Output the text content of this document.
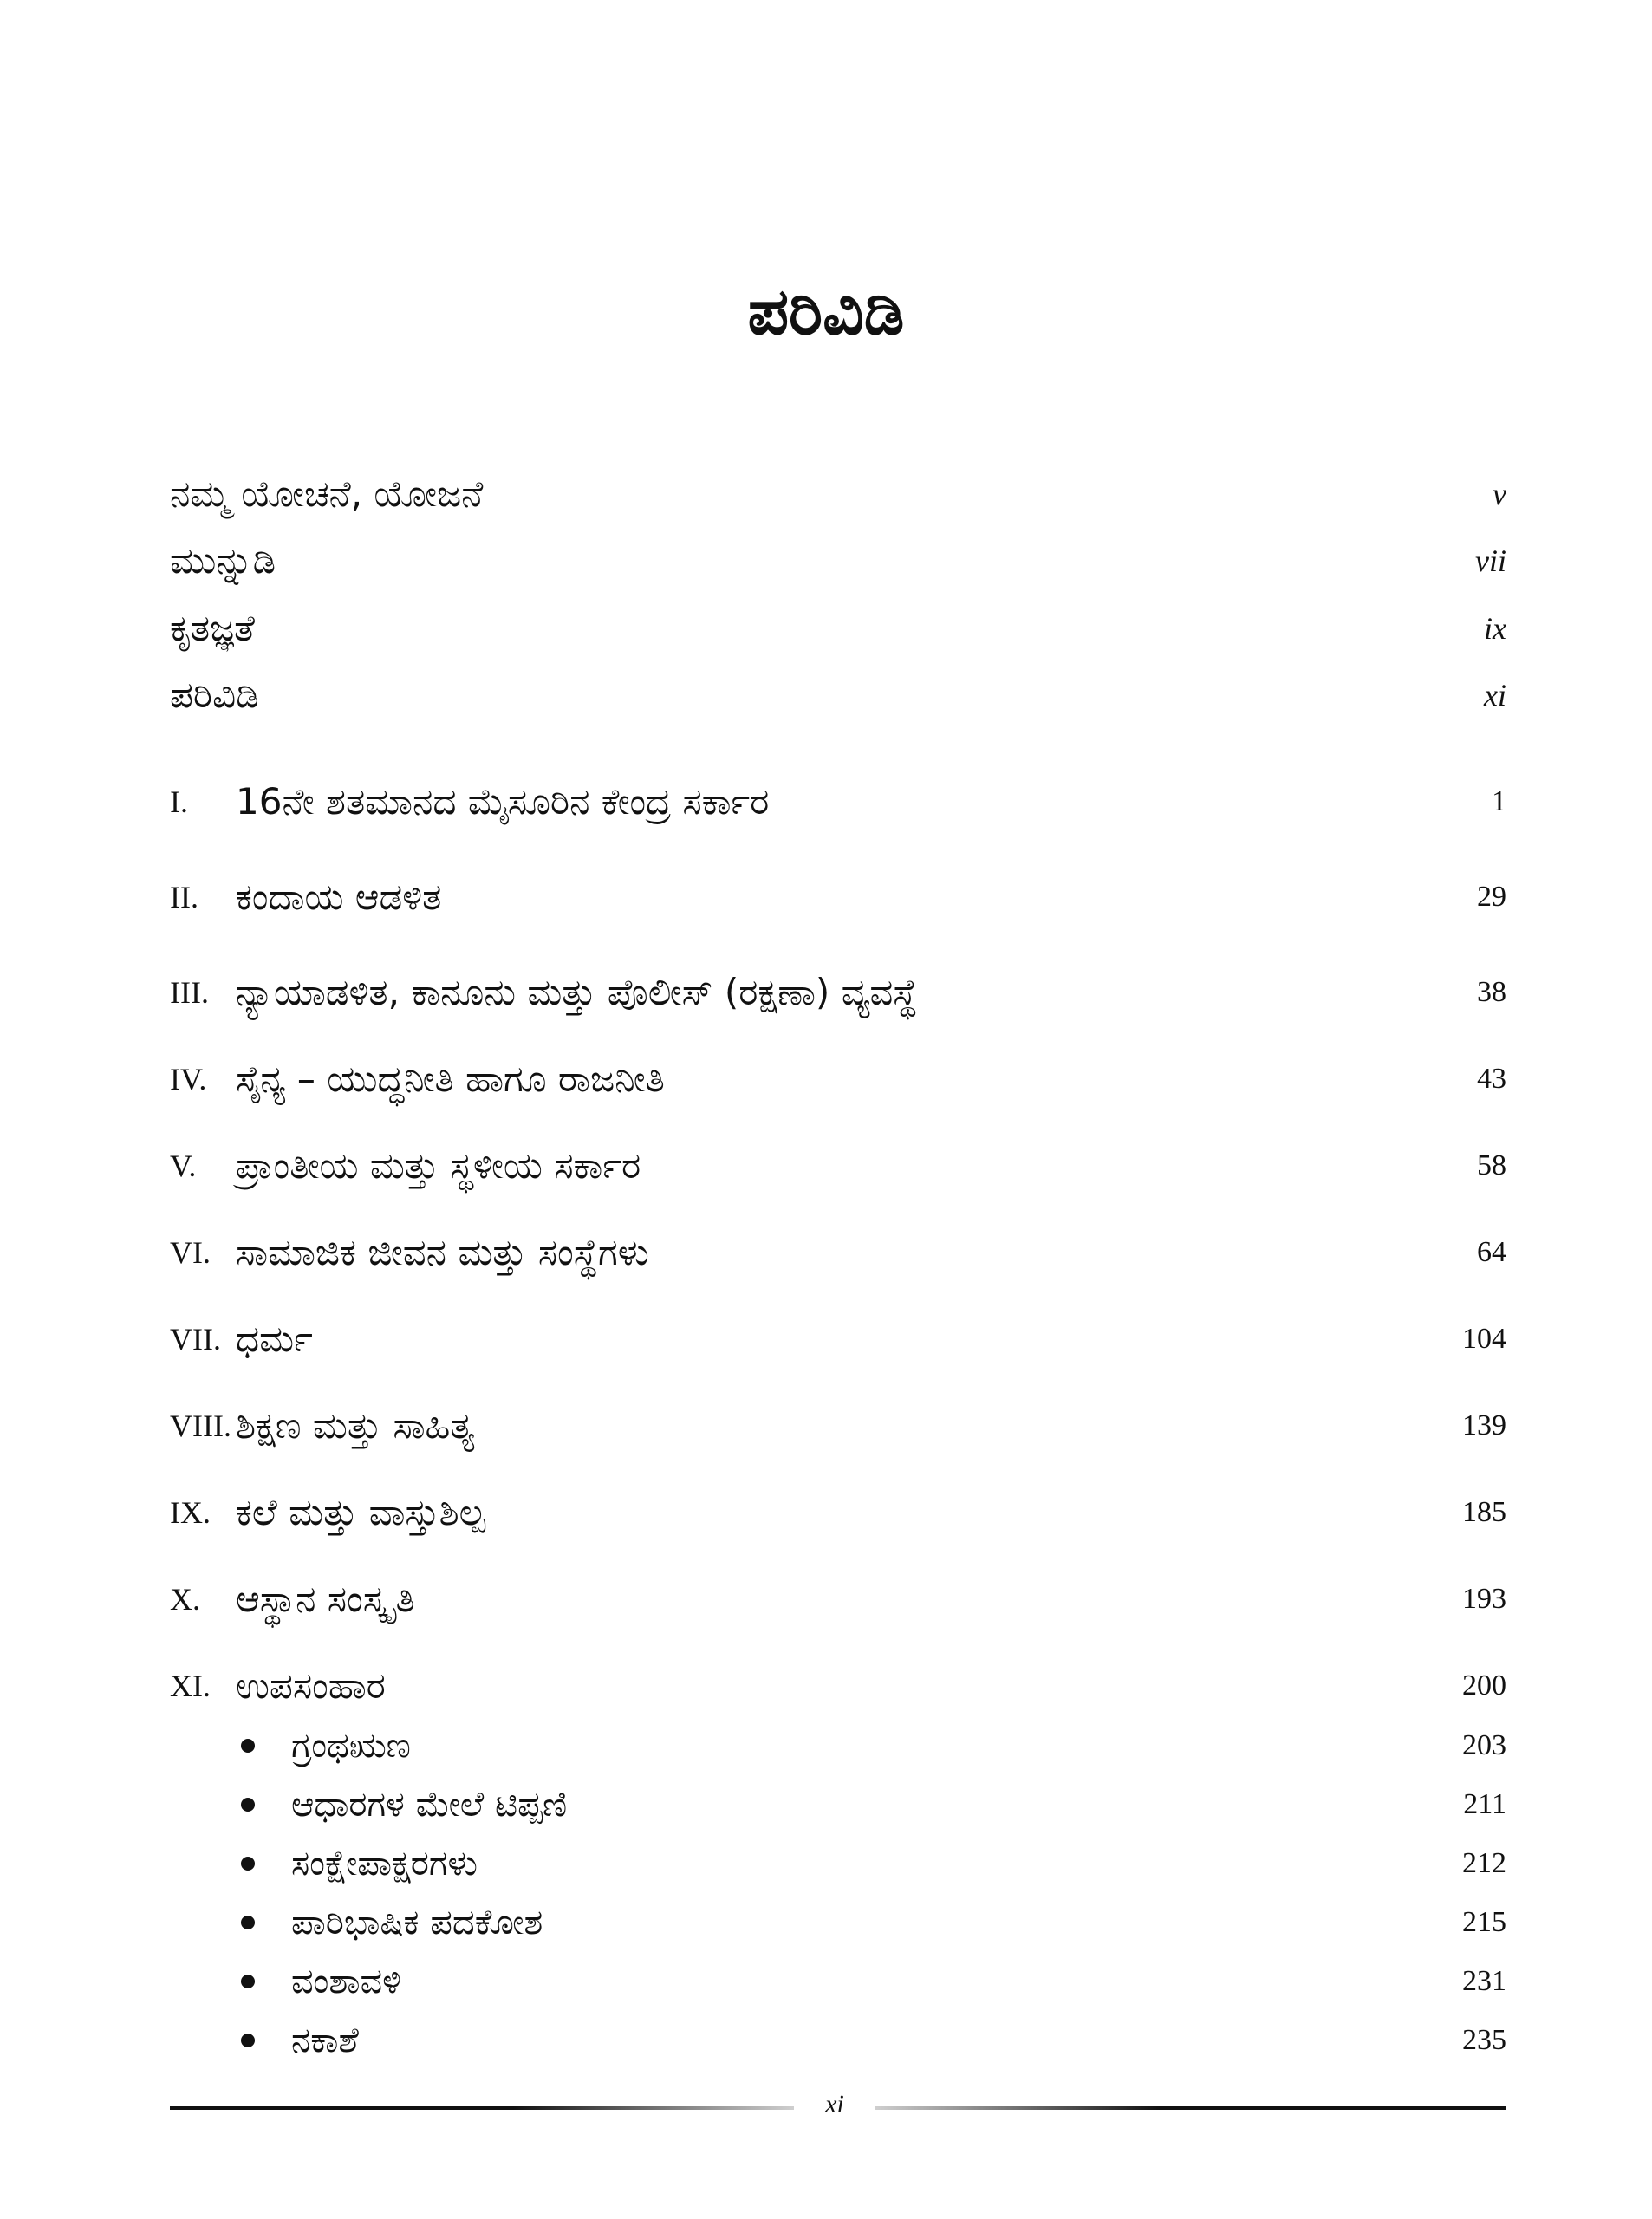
ಪರಿವಿಡಿ
ನಮ್ಮ ಯೋಚನೆ, ಯೋಜನೆ	v
ಮುನ್ನುಡಿ	vii
ಕೃತಜ್ಞತೆ	ix
ಪರಿವಿಡಿ	xi
I.	16ನೇ ಶತಮಾನದ ಮೈಸೂರಿನ ಕೇಂದ್ರ ಸರ್ಕಾರ	1
II.	ಕಂದಾಯ ಆಡಳಿತ	29
III. ನ್ಯಾಯಾಡಳಿತ, ಕಾನೂನು ಮತ್ತು ಪೊಲೀಸ್ (ರಕ್ಷಣಾ) ವ್ಯವಸ್ಥೆ	38
IV. ಸೈನ್ಯ – ಯುದ್ಧನೀತಿ ಹಾಗೂ ರಾಜನೀತಿ	43
V.	ಪ್ರಾಂತೀಯ ಮತ್ತು ಸ್ಥಳೀಯ ಸರ್ಕಾರ	58
VI. ಸಾಮಾಜಿಕ ಜೀವನ ಮತ್ತು ಸಂಸ್ಥೆಗಳು	64
VII. ಧರ್ಮ	104
VIII. ಶಿಕ್ಷಣ ಮತ್ತು ಸಾಹಿತ್ಯ	139
IX. ಕಲೆ ಮತ್ತು ವಾಸ್ತುಶಿಲ್ಪ	185
X. ಆಸ್ಥಾನ ಸಂಸ್ಕೃತಿ	193
XI. ಉಪಸಂಹಾರ	200
ಗ್ರಂಥಋಣ	203
ಆಧಾರಗಳ ಮೇಲೆ ಟಿಪ್ಪಣಿ	211
ಸಂಕ್ಷೇಪಾಕ್ಷರಗಳು	212
ಪಾರಿಭಾಷಿಕ ಪದಕೋಶ	215
ವಂಶಾವಳಿ	231
ನಕಾಶೆ	235
xi
